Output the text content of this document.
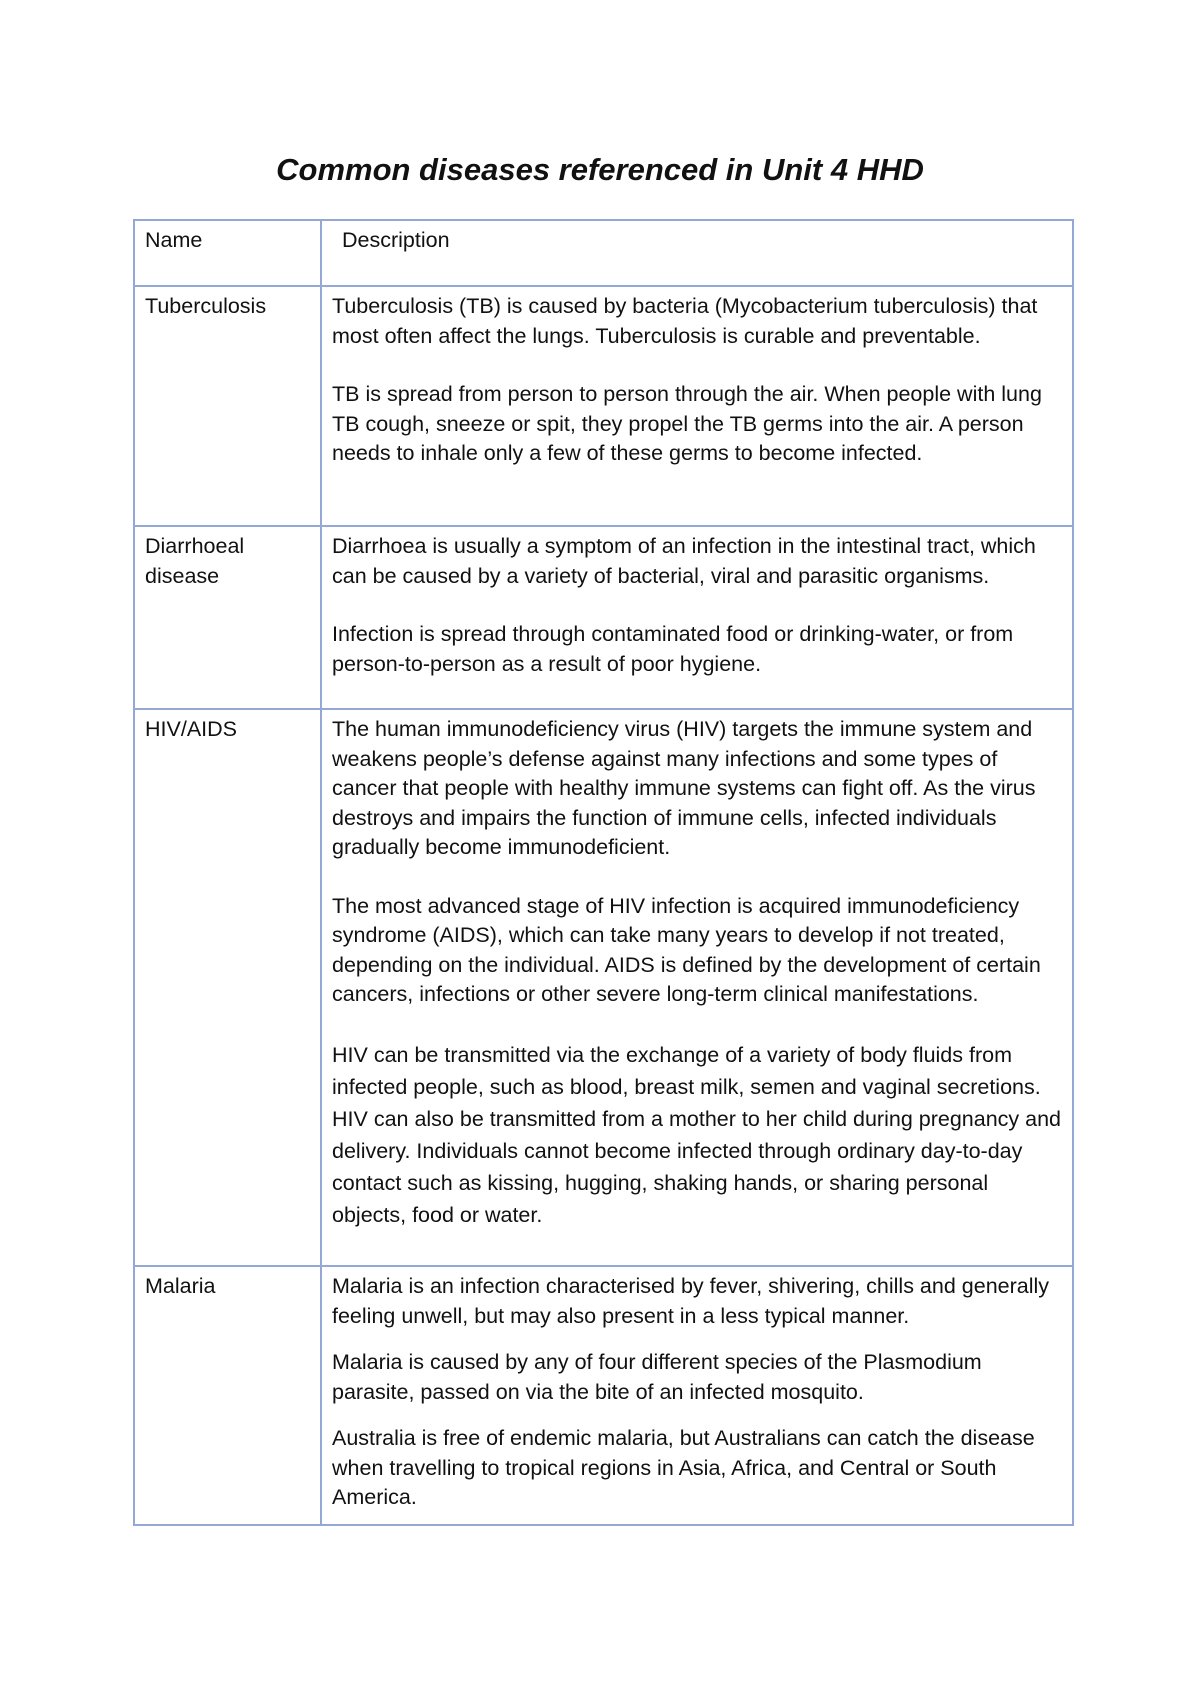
Common diseases referenced in Unit 4 HHD
Name	Description
Tuberculosis	Tuberculosis (TB) is caused by bacteria (Mycobacterium tuberculosis) that most often affect the lungs. Tuberculosis is curable and preventable.

TB is spread from person to person through the air. When people with lung TB cough, sneeze or spit, they propel the TB germs into the air. A person needs to inhale only a few of these germs to become infected.

Diarrhoeal disease	Diarrhoea is usually a symptom of an infection in the intestinal tract, which can be caused by a variety of bacterial, viral and parasitic organisms.

Infection is spread through contaminated food or drinking-water, or from person-to-person as a result of poor hygiene.

HIV/AIDS	The human immunodeficiency virus (HIV) targets the immune system and weakens people’s defense against many infections and some types of cancer that people with healthy immune systems can fight off. As the virus destroys and impairs the function of immune cells, infected individuals gradually become immunodeficient.

The most advanced stage of HIV infection is acquired immunodeficiency syndrome (AIDS), which can take many years to develop if not treated, depending on the individual. AIDS is defined by the development of certain cancers, infections or other severe long-term clinical manifestations.

HIV can be transmitted via the exchange of a variety of body fluids from infected people, such as blood, breast milk, semen and vaginal secretions. HIV can also be transmitted from a mother to her child during pregnancy and delivery. Individuals cannot become infected through ordinary day-to-day contact such as kissing, hugging, shaking hands, or sharing personal objects, food or water.

Malaria	Malaria is an infection characterised by fever, shivering, chills and generally feeling unwell, but may also present in a less typical manner.

Malaria is caused by any of four different species of the Plasmodium parasite, passed on via the bite of an infected mosquito.

Australia is free of endemic malaria, but Australians can catch the disease when travelling to tropical regions in Asia, Africa, and Central or South America.
